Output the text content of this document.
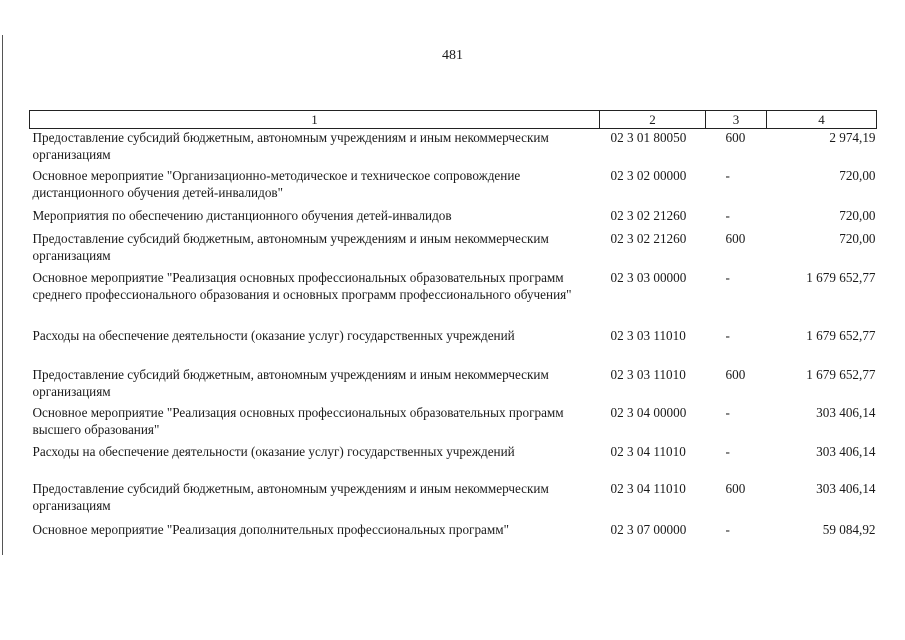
481
1	2	3	4
Предоставление субсидий бюджетным, автономным учреждениям и иным некоммерческим организациям	02 3 01 80050	600	2 974,19
Основное мероприятие "Организационно-методическое и техническое сопровождение дистанционного обучения детей-инвалидов"	02 3 02 00000	-	720,00
Мероприятия по обеспечению дистанционного обучения детей-инвалидов	02 3 02 21260	-	720,00
Предоставление субсидий бюджетным, автономным учреждениям и иным некоммерческим организациям	02 3 02 21260	600	720,00
Основное мероприятие "Реализация основных профессиональных образовательных программ среднего профессионального образования и основных программ профессионального обучения"	02 3 03 00000	-	1 679 652,77
Расходы на обеспечение деятельности (оказание услуг) государственных учреждений	02 3 03 11010	-	1 679 652,77
Предоставление субсидий бюджетным, автономным учреждениям и иным некоммерческим организациям	02 3 03 11010	600	1 679 652,77
Основное мероприятие "Реализация основных профессиональных образовательных программ высшего образования"	02 3 04 00000	-	303 406,14
Расходы на обеспечение деятельности (оказание услуг) государственных учреждений	02 3 04 11010	-	303 406,14
Предоставление субсидий бюджетным, автономным учреждениям и иным некоммерческим организациям	02 3 04 11010	600	303 406,14
Основное мероприятие "Реализация дополнительных профессиональных программ"	02 3 07 00000	-	59 084,92
